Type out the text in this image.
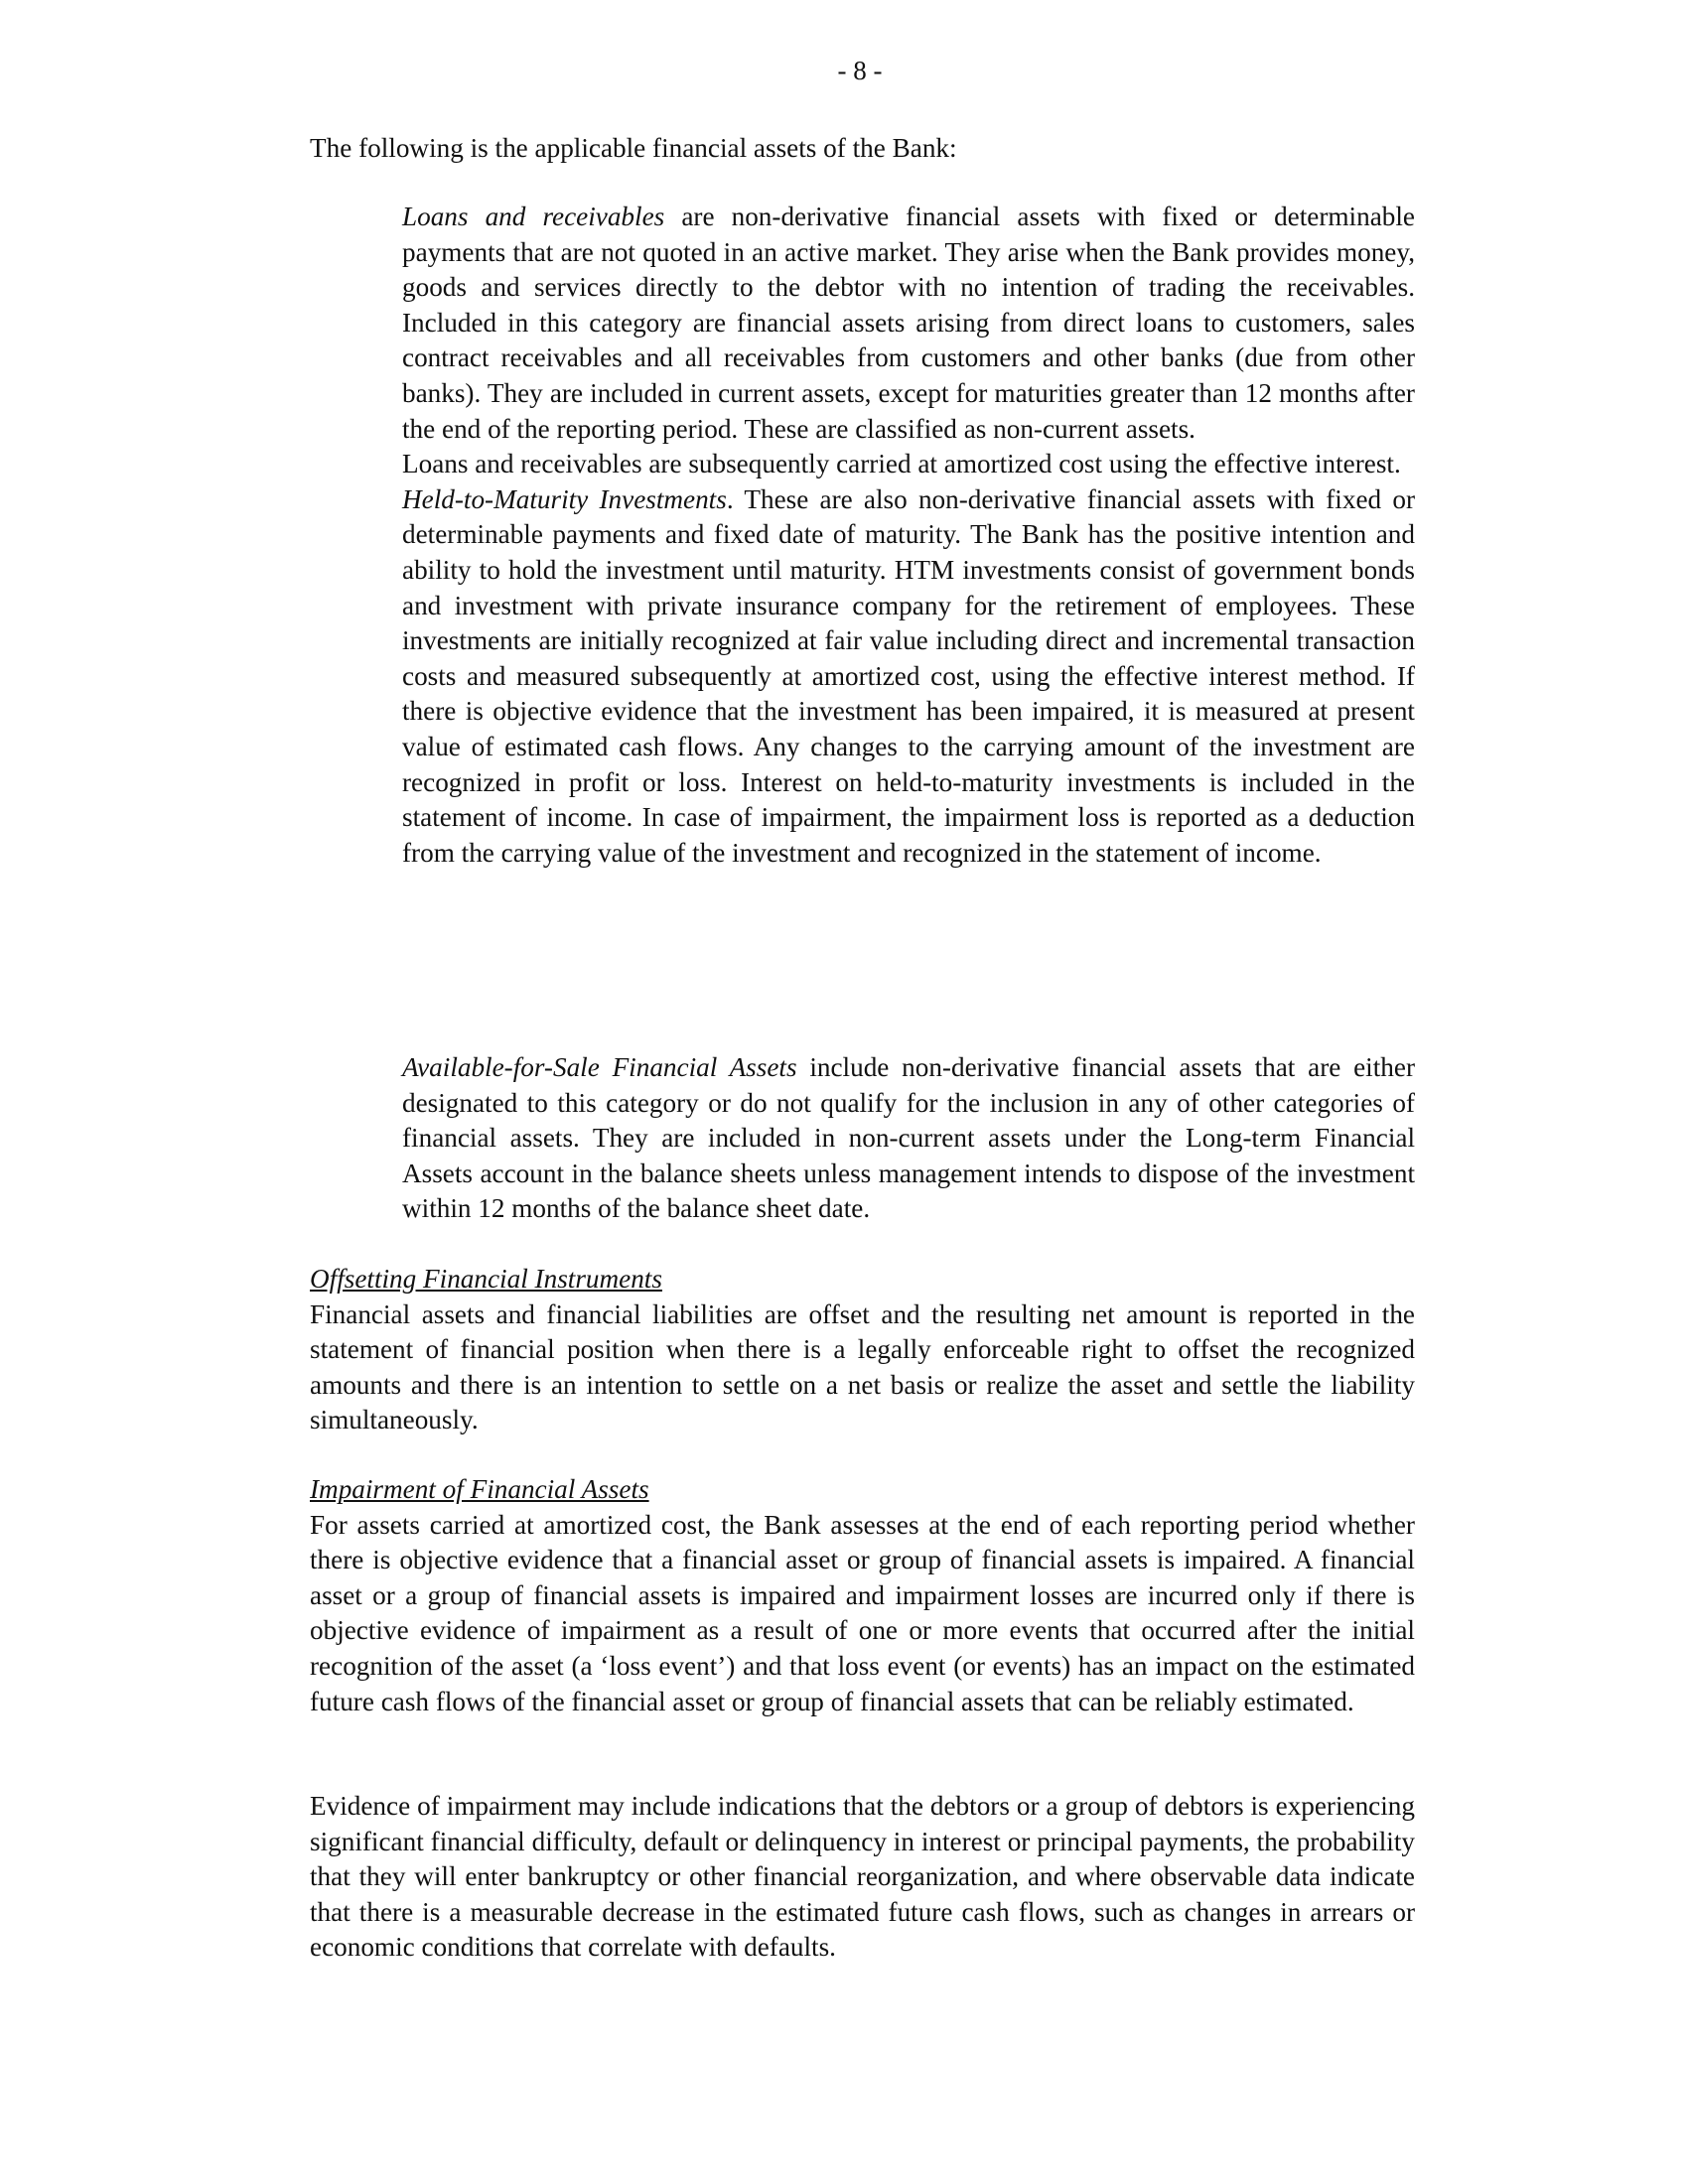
- 8 -

The following is the applicable financial assets of the Bank:

Loans and receivables are non-derivative financial assets with fixed or determinable payments that are not quoted in an active market. They arise when the Bank provides money, goods and services directly to the debtor with no intention of trading the receivables. Included in this category are financial assets arising from direct loans to customers, sales contract receivables and all receivables from customers and other banks (due from other banks). They are included in current assets, except for maturities greater than 12 months after the end of the reporting period. These are classified as non-current assets.

Loans and receivables are subsequently carried at amortized cost using the effective interest.

Held-to-Maturity Investments. These are also non-derivative financial assets with fixed or determinable payments and fixed date of maturity. The Bank has the positive intention and ability to hold the investment until maturity. HTM investments consist of government bonds and investment with private insurance company for the retirement of employees. These investments are initially recognized at fair value including direct and incremental transaction costs and measured subsequently at amortized cost, using the effective interest method. If there is objective evidence that the investment has been impaired, it is measured at present value of estimated cash flows. Any changes to the carrying amount of the investment are recognized in profit or loss. Interest on held-to-maturity investments is included in the statement of income. In case of impairment, the impairment loss is reported as a deduction from the carrying value of the investment and recognized in the statement of income.

Available-for-Sale Financial Assets include non-derivative financial assets that are either designated to this category or do not qualify for the inclusion in any of other categories of financial assets. They are included in non-current assets under the Long-term Financial Assets account in the balance sheets unless management intends to dispose of the investment within 12 months of the balance sheet date.

Offsetting Financial Instruments

Financial assets and financial liabilities are offset and the resulting net amount is reported in the statement of financial position when there is a legally enforceable right to offset the recognized amounts and there is an intention to settle on a net basis or realize the asset and settle the liability simultaneously.

Impairment of Financial Assets

For assets carried at amortized cost, the Bank assesses at the end of each reporting period whether there is objective evidence that a financial asset or group of financial assets is impaired. A financial asset or a group of financial assets is impaired and impairment losses are incurred only if there is objective evidence of impairment as a result of one or more events that occurred after the initial recognition of the asset (a ‘loss event’) and that loss event (or events) has an impact on the estimated future cash flows of the financial asset or group of financial assets that can be reliably estimated.

Evidence of impairment may include indications that the debtors or a group of debtors is experiencing significant financial difficulty, default or delinquency in interest or principal payments, the probability that they will enter bankruptcy or other financial reorganization, and where observable data indicate that there is a measurable decrease in the estimated future cash flows, such as changes in arrears or economic conditions that correlate with defaults.
